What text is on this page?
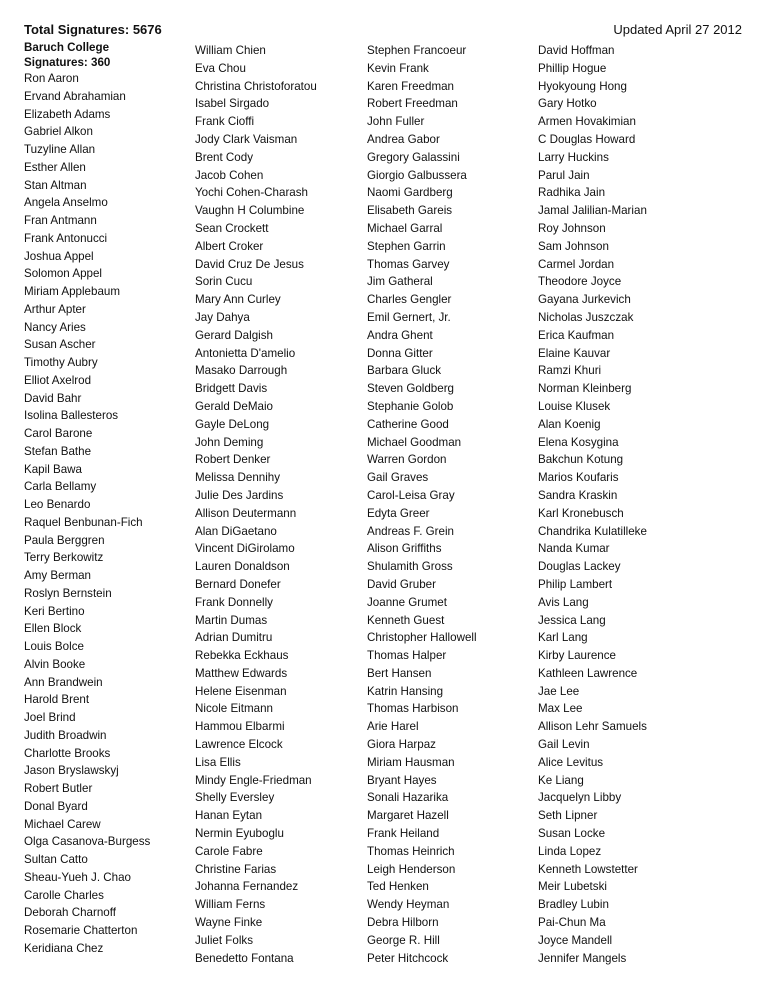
Total Signatures: 5676	Updated April 27 2012
Baruch College
Signatures: 360
Ron Aaron
Ervand Abrahamian
Elizabeth Adams
Gabriel Alkon
Tuzyline Allan
Esther Allen
Stan Altman
Angela Anselmo
Fran Antmann
Frank Antonucci
Joshua Appel
Solomon Appel
Miriam Applebaum
Arthur Apter
Nancy Aries
Susan Ascher
Timothy Aubry
Elliot Axelrod
David Bahr
Isolina Ballesteros
Carol Barone
Stefan Bathe
Kapil Bawa
Carla Bellamy
Leo Benardo
Raquel Benbunan-Fich
Paula Berggren
Terry Berkowitz
Amy Berman
Roslyn Bernstein
Keri Bertino
Ellen Block
Louis Bolce
Alvin Booke
Ann Brandwein
Harold Brent
Joel Brind
Judith Broadwin
Charlotte Brooks
Jason Bryslawskyj
Robert Butler
Donal Byard
Michael Carew
Olga Casanova-Burgess
Sultan Catto
Sheau-Yueh J. Chao
Carolle Charles
Deborah Charnoff
Rosemarie Chatterton
Keridiana Chez
William Chien
Eva Chou
Christina Christoforatou
Isabel Sirgado
Frank Cioffi
Jody Clark Vaisman
Brent Cody
Jacob Cohen
Yochi Cohen-Charash
Vaughn H Columbine
Sean Crockett
Albert Croker
David Cruz De Jesus
Sorin Cucu
Mary Ann Curley
Jay Dahya
Gerard Dalgish
Antonietta D'amelio
Masako Darrough
Bridgett Davis
Gerald DeMaio
Gayle DeLong
John Deming
Robert Denker
Melissa Dennihy
Julie Des Jardins
Allison Deutermann
Alan DiGaetano
Vincent DiGirolamo
Lauren Donaldson
Bernard Donefer
Frank Donnelly
Martin Dumas
Adrian Dumitru
Rebekka Eckhaus
Matthew Edwards
Helene Eisenman
Nicole Eitmann
Hammou Elbarmi
Lawrence Elcock
Lisa Ellis
Mindy Engle-Friedman
Shelly Eversley
Hanan Eytan
Nermin Eyuboglu
Carole Fabre
Christine Farias
Johanna Fernandez
William Ferns
Wayne Finke
Juliet Folks
Benedetto Fontana
Stephen Francoeur
Kevin Frank
Karen Freedman
Robert Freedman
John Fuller
Andrea Gabor
Gregory Galassini
Giorgio Galbussera
Naomi Gardberg
Elisabeth Gareis
Michael Garral
Stephen Garrin
Thomas Garvey
Jim Gatheral
Charles Gengler
Emil Gernert, Jr.
Andra Ghent
Donna Gitter
Barbara Gluck
Steven Goldberg
Stephanie Golob
Catherine Good
Michael Goodman
Warren Gordon
Gail Graves
Carol-Leisa Gray
Edyta Greer
Andreas F. Grein
Alison Griffiths
Shulamith Gross
David Gruber
Joanne Grumet
Kenneth Guest
Christopher Hallowell
Thomas Halper
Bert Hansen
Katrin Hansing
Thomas Harbison
Arie Harel
Giora Harpaz
Miriam Hausman
Bryant Hayes
Sonali Hazarika
Margaret Hazell
Frank Heiland
Thomas Heinrich
Leigh Henderson
Ted Henken
Wendy Heyman
Debra Hilborn
George R. Hill
Peter Hitchcock
David Hoffman
Phillip Hogue
Hyokyoung Hong
Gary Hotko
Armen Hovakimian
C Douglas Howard
Larry Huckins
Parul Jain
Radhika Jain
Jamal Jalilian-Marian
Roy Johnson
Sam Johnson
Carmel Jordan
Theodore Joyce
Gayana Jurkevich
Nicholas Juszczak
Erica Kaufman
Elaine Kauvar
Ramzi Khuri
Norman Kleinberg
Louise Klusek
Alan Koenig
Elena Kosygina
Bakchun Kotung
Marios Koufaris
Sandra Kraskin
Karl Kronebusch
Chandrika Kulatilleke
Nanda Kumar
Douglas Lackey
Philip Lambert
Avis Lang
Jessica Lang
Karl Lang
Kirby Laurence
Kathleen Lawrence
Jae Lee
Max Lee
Allison Lehr Samuels
Gail Levin
Alice Levitus
Ke Liang
Jacquelyn Libby
Seth Lipner
Susan Locke
Linda Lopez
Kenneth Lowstetter
Meir Lubetski
Bradley Lubin
Pai-Chun Ma
Joyce Mandell
Jennifer Mangels
